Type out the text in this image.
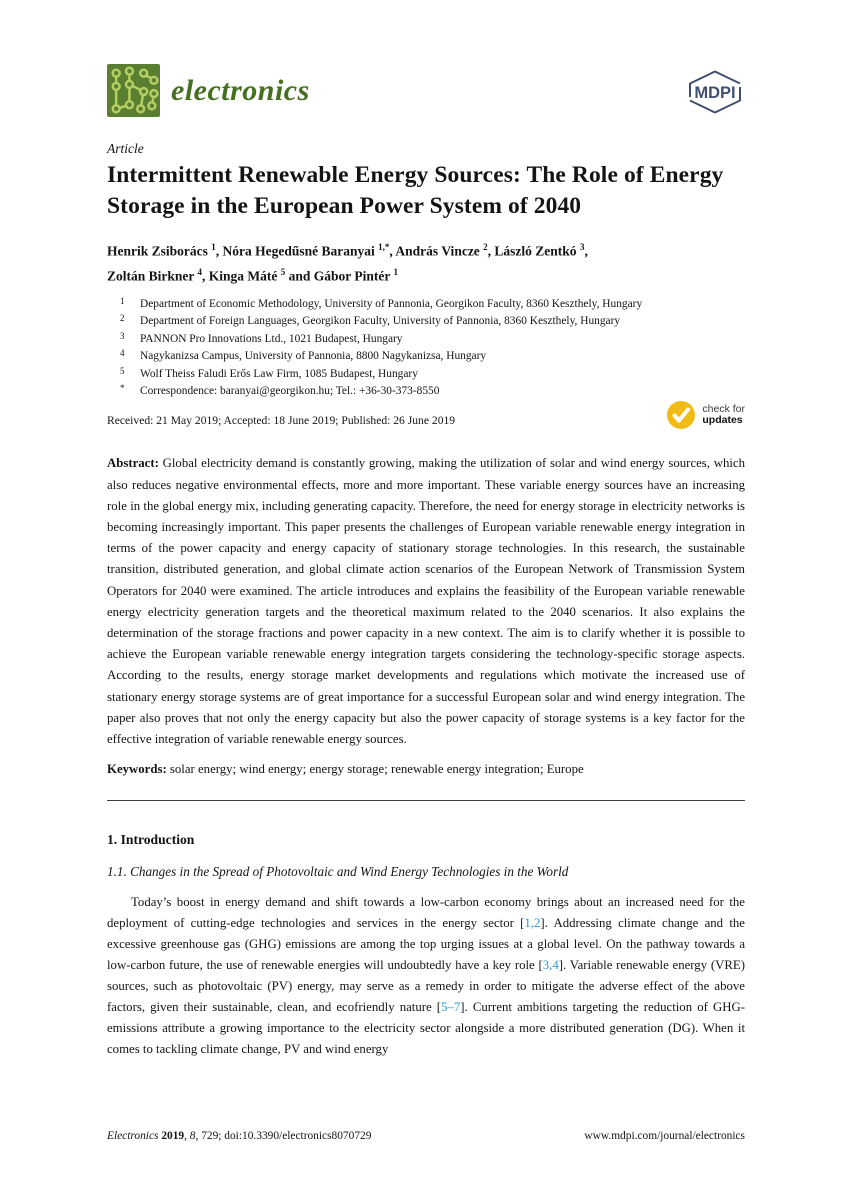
electronics	MDPI
Article
Intermittent Renewable Energy Sources: The Role of Energy Storage in the European Power System of 2040
Henrik Zsiborács $^1$, Nóra Hegedűsné Baranyai $^{1,*}$, András Vincze $^2$, László Zentkó $^3$,
Zoltán Birkner $^4$, Kinga Máté $^5$ and Gábor Pintér $^1$
1	Department of Economic Methodology, University of Pannonia, Georgikon Faculty, 8360 Keszthely, Hungary
2	Department of Foreign Languages, Georgikon Faculty, University of Pannonia, 8360 Keszthely, Hungary
3	PANNON Pro Innovations Ltd., 1021 Budapest, Hungary
4	Nagykanizsa Campus, University of Pannonia, 8800 Nagykanizsa, Hungary
5	Wolf Theiss Faludi Erős Law Firm, 1085 Budapest, Hungary
*	Correspondence: baranyai@georgikon.hu; Tel.: +36-30-373-8550
Received: 21 May 2019; Accepted: 18 June 2019; Published: 26 June 2019
check for
updates

Abstract: Global electricity demand is constantly growing, making the utilization of solar and wind energy sources, which also reduces negative environmental effects, more and more important. These variable energy sources have an increasing role in the global energy mix, including generating capacity. Therefore, the need for energy storage in electricity networks is becoming increasingly important. This paper presents the challenges of European variable renewable energy integration in terms of the power capacity and energy capacity of stationary storage technologies. In this research, the sustainable transition, distributed generation, and global climate action scenarios of the European Network of Transmission System Operators for 2040 were examined. The article introduces and explains the feasibility of the European variable renewable energy electricity generation targets and the theoretical maximum related to the 2040 scenarios. It also explains the determination of the storage fractions and power capacity in a new context. The aim is to clarify whether it is possible to achieve the European variable renewable energy integration targets considering the technology-specific storage aspects. According to the results, energy storage market developments and regulations which motivate the increased use of stationary energy storage systems are of great importance for a successful European solar and wind energy integration. The paper also proves that not only the energy capacity but also the power capacity of storage systems is a key factor for the effective integration of variable renewable energy sources.

Keywords: solar energy; wind energy; energy storage; renewable energy integration; Europe

1. Introduction
1.1. Changes in the Spread of Photovoltaic and Wind Energy Technologies in the World

Today’s boost in energy demand and shift towards a low-carbon economy brings about an increased need for the deployment of cutting-edge technologies and services in the energy sector [1,2]. Addressing climate change and the excessive greenhouse gas (GHG) emissions are among the top urging issues at a global level. On the pathway towards a low-carbon future, the use of renewable energies will undoubtedly have a key role [3,4]. Variable renewable energy (VRE) sources, such as photovoltaic (PV) energy, may serve as a remedy in order to mitigate the adverse effect of the above factors, given their sustainable, clean, and ecofriendly nature [5–7]. Current ambitions targeting the reduction of GHG-emissions attribute a growing importance to the electricity sector alongside a more distributed generation (DG). When it comes to tackling climate change, PV and wind energy

Electronics 2019, 8, 729; doi:10.3390/electronics8070729	www.mdpi.com/journal/electronics
